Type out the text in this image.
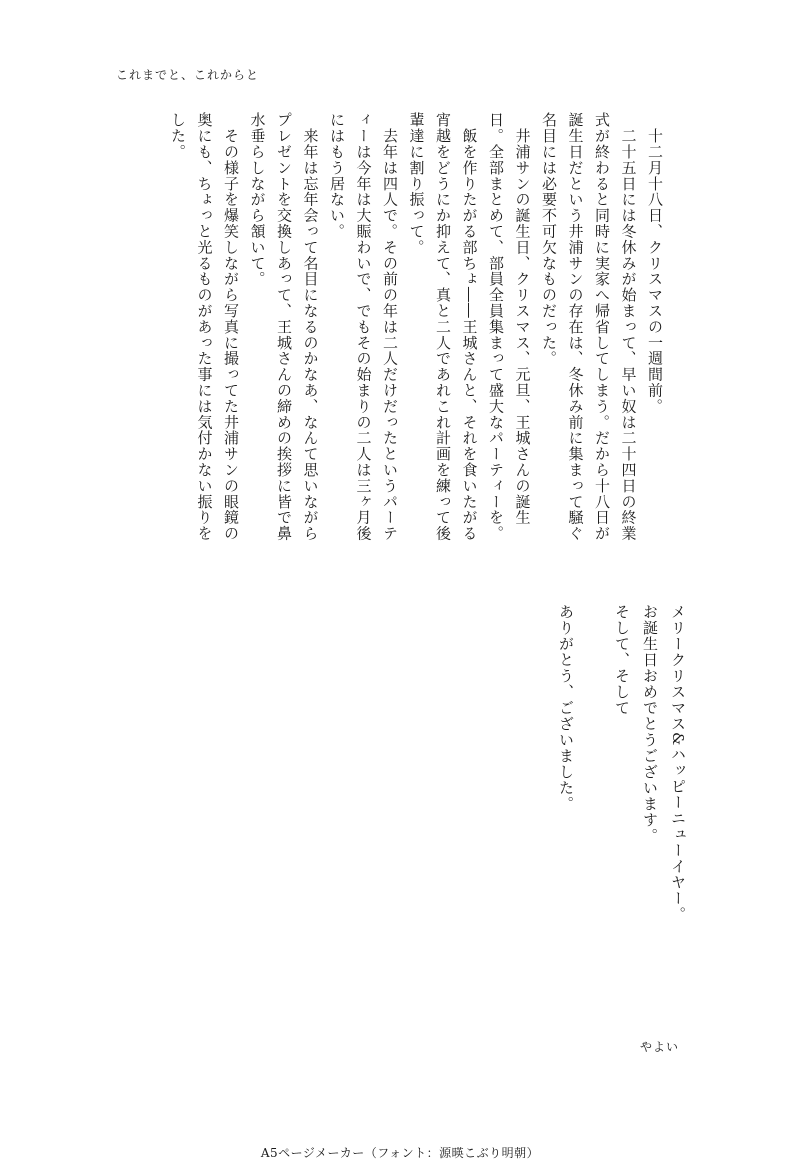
これまでと、これからと

　十二月十八日、クリスマスの一週間前。

　二十五日には冬休みが始まって、早い奴は二十四日の終業式が終わると同時に実家へ帰省してしまう。だから十八日が誕生日だという井浦サンの存在は、冬休み前に集まって騒ぐ名目には必要不可欠なものだった。

　井浦サンの誕生日、クリスマス、元旦、王城さんの誕生日。全部まとめて、部員全員集まって盛大なパーティーを。

　飯を作りたがる部ちょ――王城さんと、それを食いたがる宵越をどうにか抑えて、真と二人であれこれ計画を練って後輩達に割り振って。

　去年は四人で。その前の年は二人だけだったというパーティーは今年は大賑わいで、でもその始まりの二人は三ヶ月後にはもう居ない。

　来年は忘年会って名目になるのかなあ、なんて思いながらプレゼントを交換しあって、王城さんの締めの挨拶に皆で鼻水垂らしながら頷いて。

　その様子を爆笑しながら写真に撮ってた井浦サンの眼鏡の奥にも、ちょっと光るものがあった事には気付かない振りをした。

メリークリスマス&ハッピーニューイヤー。

お誕生日おめでとうございます。

そして、そして

ありがとう、ございました。

やよい
A5ページメーカー（フォント：源暎こぶり明朝）
